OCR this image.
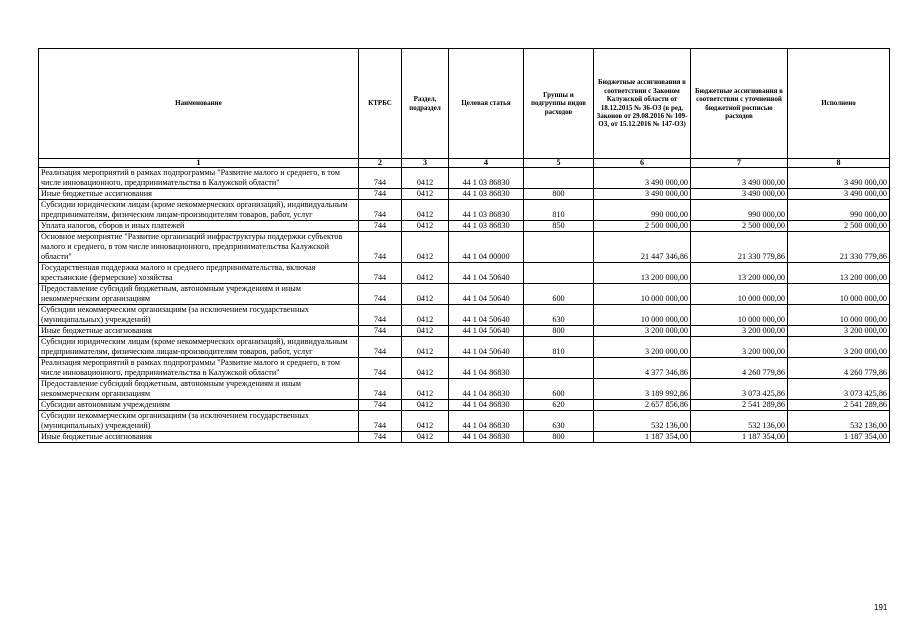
Наименование	КТРБС	Раздел, подраздел	Целевая статья	Группы и подгруппы видов расходов	Бюджетные ассигнования в соответствии с Законом Калужской области от 18.12.2015 № 36-ОЗ (в ред. Законов от 29.08.2016 № 109-ОЗ, от 15.12.2016 № 147-ОЗ)	Бюджетные ассигнования в соответствии с уточненной бюджетной росписью расходов	Исполнено
1	2	3	4	5	6	7	8
Реализация мероприятий в рамках подпрограммы "Развитие малого и среднего, в том числе инновационного, предпринимательства в Калужской области"	744	0412	44 1 03 86830		3 490 000,00	3 490 000,00	3 490 000,00
Иные бюджетные ассигнования	744	0412	44 1 03 86830	800	3 490 000,00	3 490 000,00	3 490 000,00
Субсидии юридическим лицам (кроме некоммерческих организаций), индивидуальным предпринимателям, физическим лицам-производителям товаров, работ, услуг	744	0412	44 1 03 86830	810	990 000,00	990 000,00	990 000,00
Уплата налогов, сборов и иных платежей	744	0412	44 1 03 86830	850	2 500 000,00	2 500 000,00	2 500 000,00
Основное мероприятие "Развитие организаций инфраструктуры поддержки субъектов малого и среднего, в том числе инновационного, предпринимательства Калужской области"	744	0412	44 1 04 00000		21 447 346,86	21 330 779,86	21 330 779,86
Государственная поддержка малого и среднего предпринимательства, включая крестьянские (фермерские) хозяйства	744	0412	44 1 04 50640		13 200 000,00	13 200 000,00	13 200 000,00
Предоставление субсидий бюджетным, автономным учреждениям и иным некоммерческим организациям	744	0412	44 1 04 50640	600	10 000 000,00	10 000 000,00	10 000 000,00
Субсидии некоммерческим организациям (за исключением государственных (муниципальных) учреждений)	744	0412	44 1 04 50640	630	10 000 000,00	10 000 000,00	10 000 000,00
Иные бюджетные ассигнования	744	0412	44 1 04 50640	800	3 200 000,00	3 200 000,00	3 200 000,00
Субсидии юридическим лицам (кроме некоммерческих организаций), индивидуальным предпринимателям, физическим лицам-производителям товаров, работ, услуг	744	0412	44 1 04 50640	810	3 200 000,00	3 200 000,00	3 200 000,00
Реализация мероприятий в рамках подпрограммы "Развитие малого и среднего, в том числе инновационного, предпринимательства в Калужской области"	744	0412	44 1 04 86830		4 377 346,86	4 260 779,86	4 260 779,86
Предоставление субсидий бюджетным, автономным учреждениям и иным некоммерческим организациям	744	0412	44 1 04 86830	600	3 189 992,86	3 073 425,86	3 073 425,86
Субсидии автономным учреждениям	744	0412	44 1 04 86830	620	2 657 856,86	2 541 289,86	2 541 289,86
Субсидии некоммерческим организациям (за исключением государственных (муниципальных) учреждений)	744	0412	44 1 04 86830	630	532 136,00	532 136,00	532 136,00
Иные бюджетные ассигнования	744	0412	44 1 04 86830	800	1 187 354,00	1 187 354,00	1 187 354,00
191
